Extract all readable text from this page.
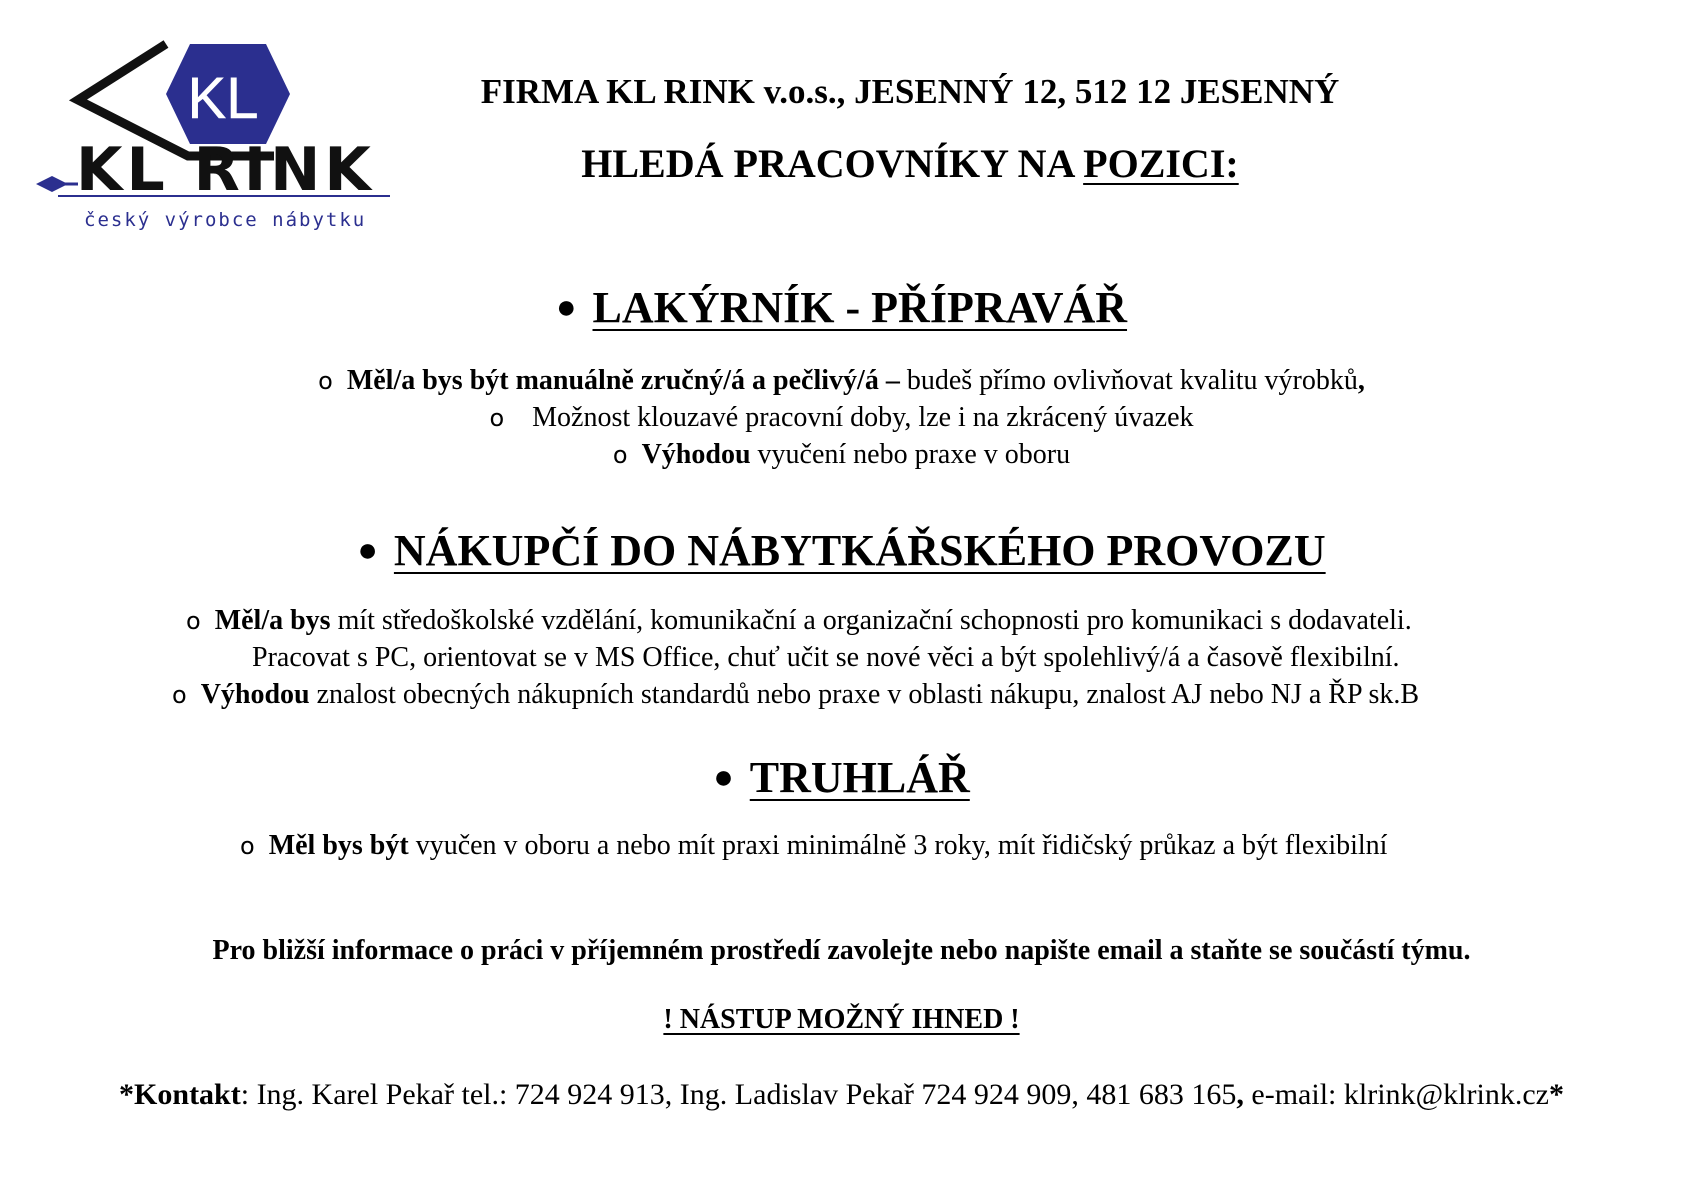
KL
KL RINK
český výrobce nábytku
FIRMA KL RINK v.o.s., JESENNÝ 12, 512 12 JESENNÝ
HLEDÁ PRACOVNÍKY NA POZICI:
● LAKÝRNÍK - PŘÍPRAVÁŘ
o Měl/a bys být manuálně zručný/á a pečlivý/á – budeš přímo ovlivňovat kvalitu výrobků,
o Možnost klouzavé pracovní doby, lze i na zkrácený úvazek
o Výhodou vyučení nebo praxe v oboru
● NÁKUPČÍ DO NÁBYTKÁŘSKÉHO PROVOZU
o Měl/a bys mít středoškolské vzdělání, komunikační a organizační schopnosti pro komunikaci s dodavateli.
Pracovat s PC, orientovat se v MS Office, chuť učit se nové věci a být spolehlivý/á a časově flexibilní.
o Výhodou znalost obecných nákupních standardů nebo praxe v oblasti nákupu, znalost AJ nebo NJ a ŘP sk.B
● TRUHLÁŘ
o Měl bys být vyučen v oboru a nebo mít praxi minimálně 3 roky, mít řidičský průkaz a být flexibilní
Pro bližší informace o práci v příjemném prostředí zavolejte nebo napište email a staňte se součástí týmu.
! NÁSTUP MOŽNÝ IHNED !
*Kontakt: Ing. Karel Pekař tel.: 724 924 913, Ing. Ladislav Pekař 724 924 909, 481 683 165, e-mail: klrink@klrink.cz*
